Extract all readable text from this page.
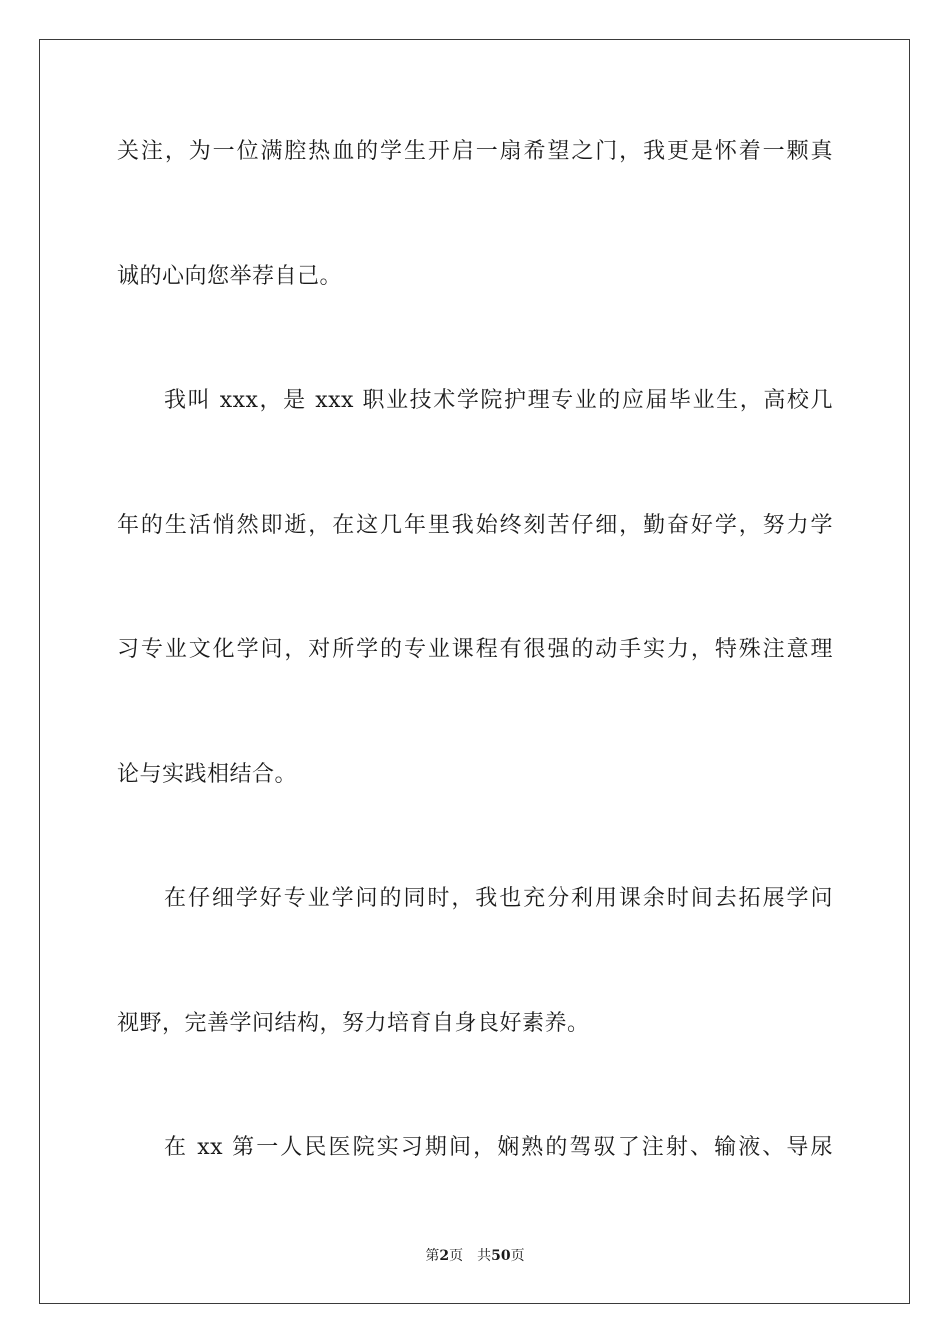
关注，为一位满腔热血的学生开启一扇希望之门，我更是怀着一颗真
诚的心向您举荐自己。
我叫 xxx，是 xxx 职业技术学院护理专业的应届毕业生，高校几
年的生活悄然即逝，在这几年里我始终刻苦仔细，勤奋好学，努力学
习专业文化学问，对所学的专业课程有很强的动手实力，特殊注意理
论与实践相结合。
在仔细学好专业学问的同时，我也充分利用课余时间去拓展学问
视野，完善学问结构，努力培育自身良好素养。
在 xx 第一人民医院实习期间，娴熟的驾驭了注射、输液、导尿
第2页 共50页
